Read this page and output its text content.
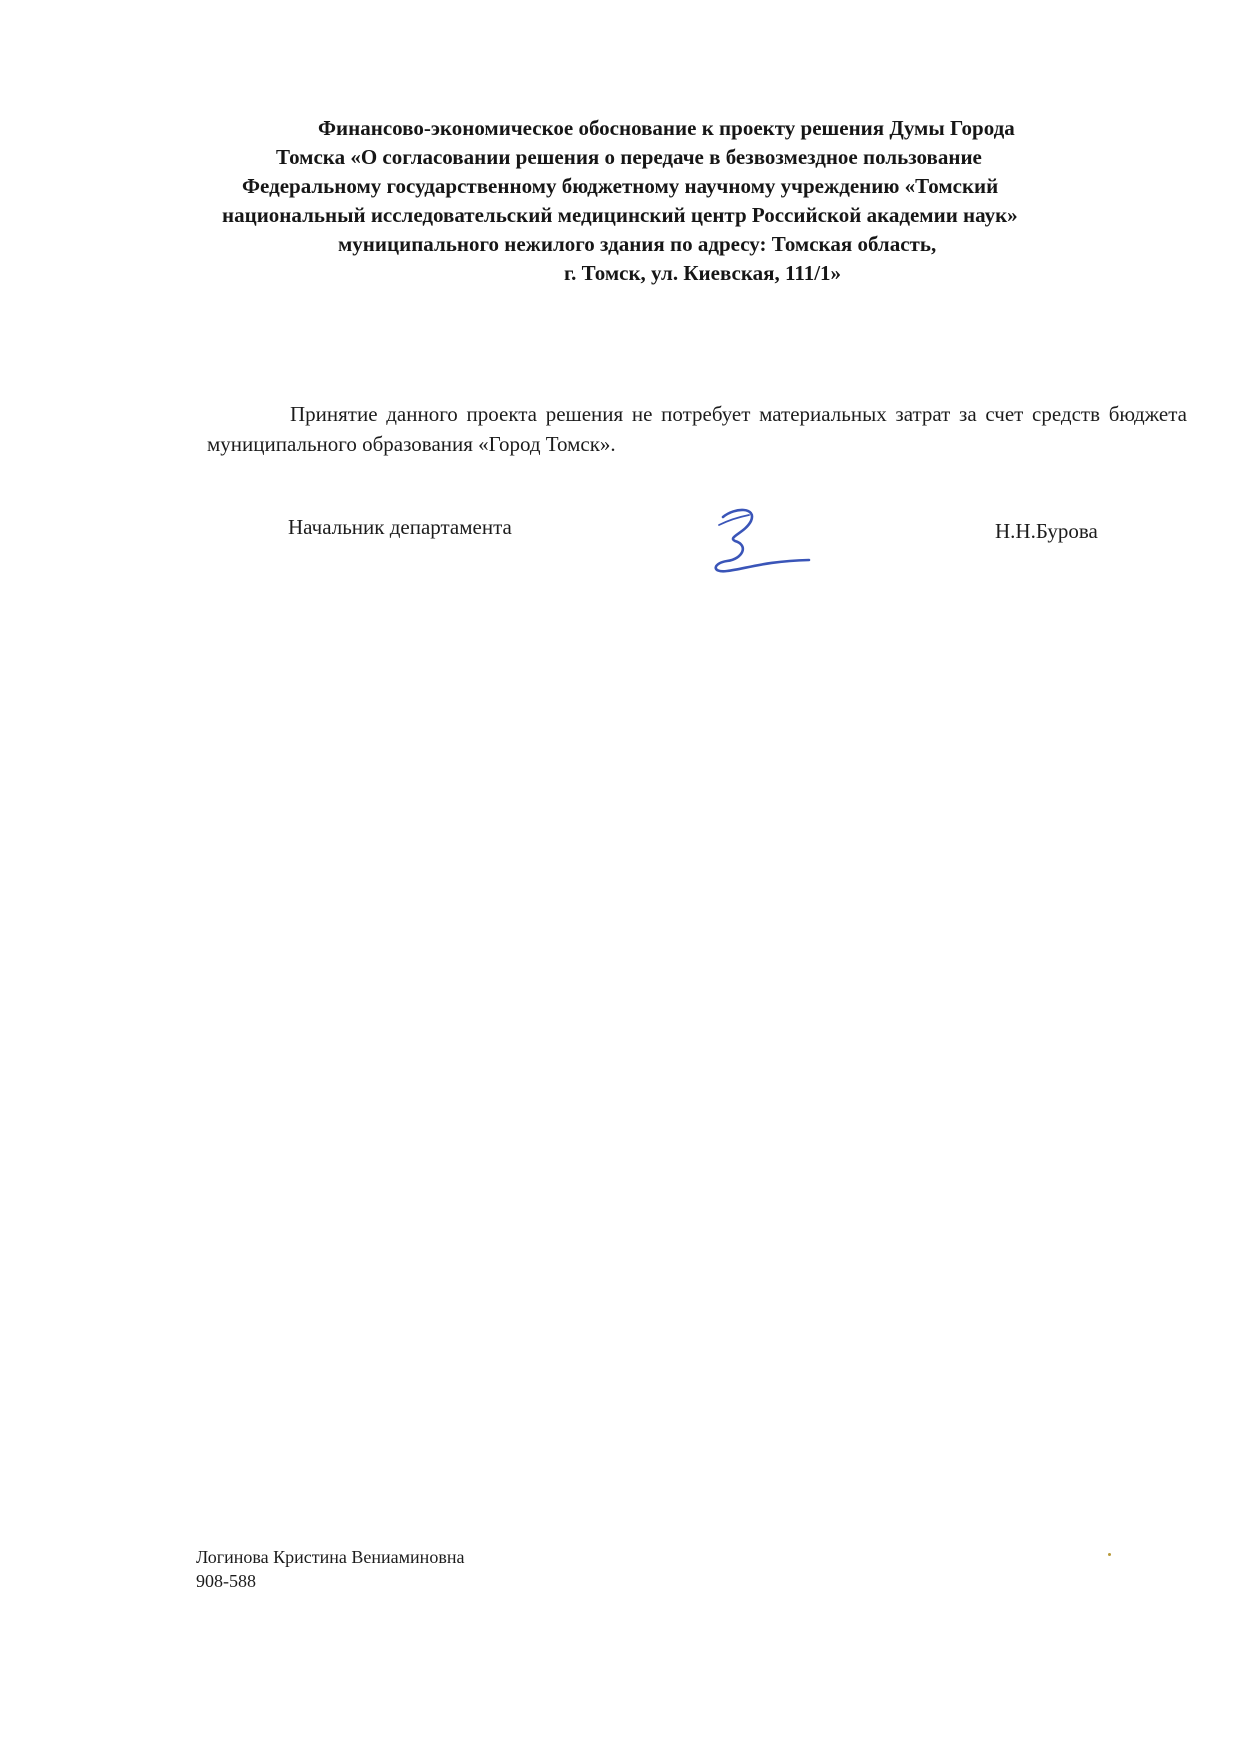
Финансово-экономическое обоснование к проекту решения Думы Города
Томска «О согласовании решения о передаче в безвозмездное пользование
Федеральному государственному бюджетному научному учреждению «Томский
национальный исследовательский медицинский центр Российской академии наук»
муниципального нежилого здания по адресу: Томская область,
г. Томск, ул. Киевская, 111/1»

Принятие данного проекта решения не потребует материальных затрат за счет средств бюджета муниципального образования «Город Томск».

Начальник департамента	Н.Н.Бурова
Логинова Кристина Вениаминовна
908-588
